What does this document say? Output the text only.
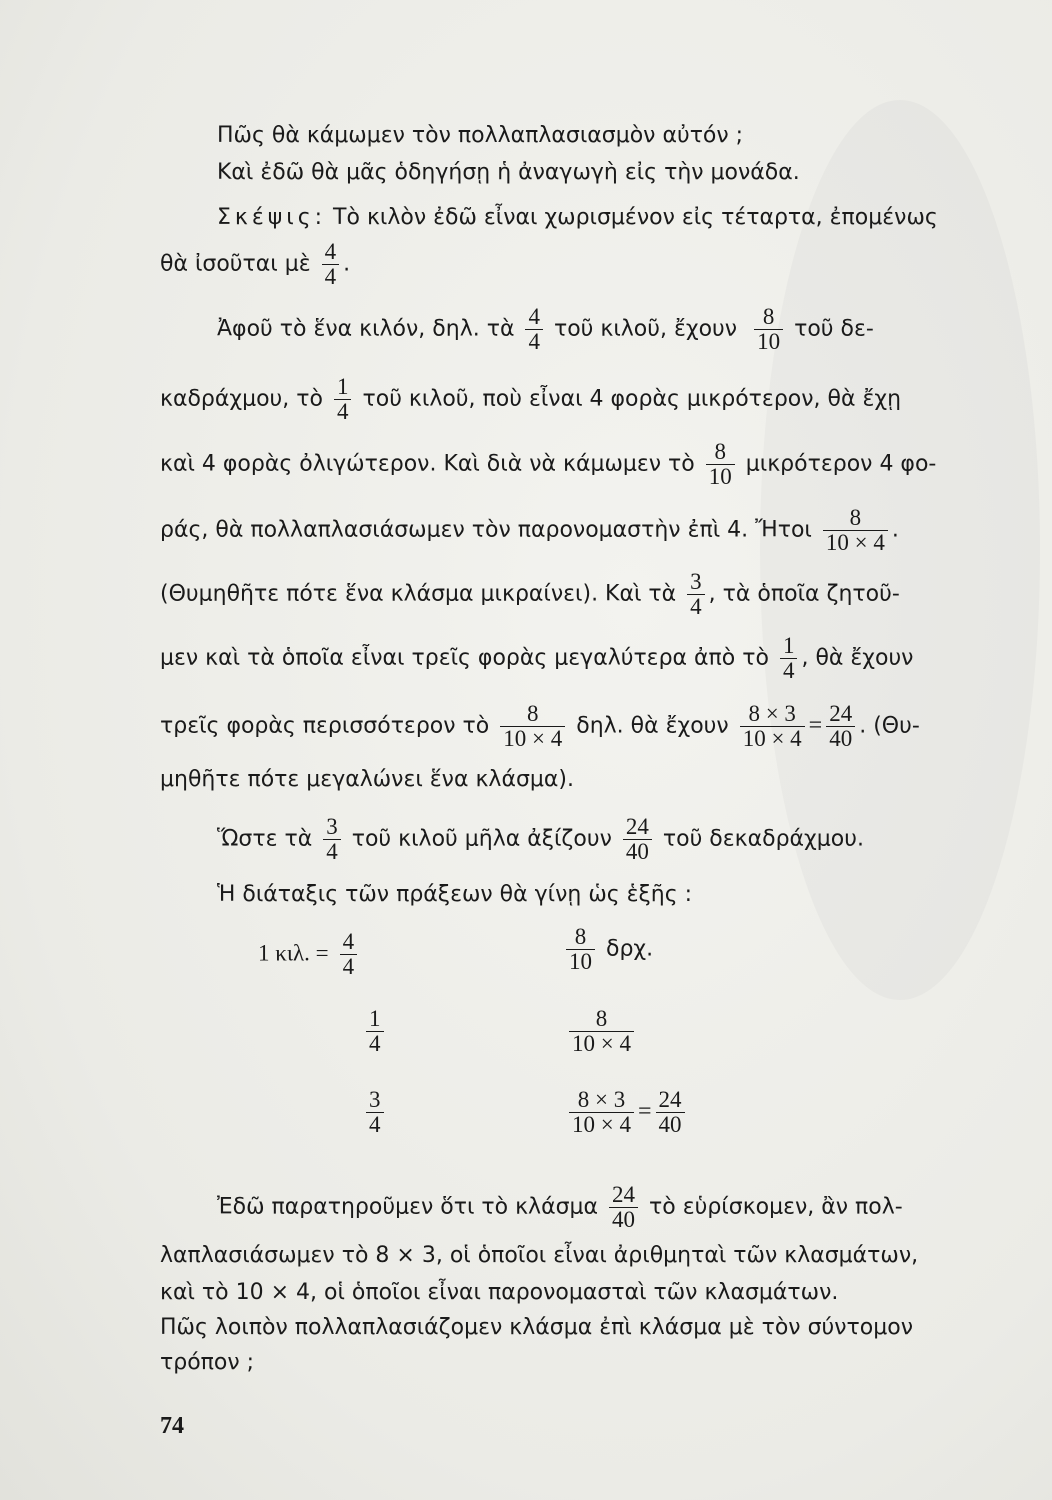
Πῶς θὰ κάμωμεν τὸν πολλαπλασιασμὸν αὐτόν ;
Καὶ ἐδῶ θὰ μᾶς ὁδηγήσῃ ἡ ἀναγωγὴ εἰς τὴν μονάδα.
Σκέψις: Τὸ κιλὸν ἐδῶ εἶναι χωρισμένον εἰς τέταρτα, ἐπομένως
θὰ ἰσοῦται μὲ $\frac{4}{4}$ .
Ἀφοῦ τὸ ἕνα κιλόν, δηλ. τὰ $\frac{4}{4}$ τοῦ κιλοῦ, ἔχουν $\frac{8}{10}$ τοῦ δε-
καδράχμου, τὸ $\frac{1}{4}$ τοῦ κιλοῦ, ποὺ εἶναι 4 φορὰς μικρότερον, θὰ ἔχῃ
καὶ 4 φορὰς ὀλιγώτερον. Καὶ διὰ νὰ κάμωμεν τὸ $\frac{8}{10}$ μικρότερον 4 φο-
ράς, θὰ πολλαπλασιάσωμεν τὸν παρονομαστὴν ἐπὶ 4. Ἤτοι $\frac{8}{10 \times 4}$ .
(Θυμηθῆτε πότε ἕνα κλάσμα μικραίνει). Καὶ τὰ $\frac{3}{4}$ , τὰ ὁποῖα ζητοῦ-
μεν καὶ τὰ ὁποῖα εἶναι τρεῖς φορὰς μεγαλύτερα ἀπὸ τὸ $\frac{1}{4}$ , θὰ ἔχουν
τρεῖς φορὰς περισσότερον τὸ $\frac{8}{10 \times 4} \delta\eta\lambda$. θὰ ἔχουν $\frac{8 \times 3}{10 \times 4} = \frac{24}{40}$ . (Θυ-
μηθῆτε πότε μεγαλώνει ἕνα κλάσμα).
Ὥστε τὰ $\frac{3}{4}$ τοῦ κιλοῦ μῆλα ἀξίζουν $\frac{24}{40}$ τοῦ δεκαδράχμου.
Ἡ διάταξις τῶν πράξεων θὰ γίνῃ ὡς ἑξῆς :
1 κιλ. = $\frac{4}{4}$	$\frac{8}{10} \delta\rho\chi$.
$\frac{1}{4}$	$\frac{8}{10 \times 4}$
$\frac{3}{4}$	$\frac{8 \times 3}{10 \times 4} = \frac{24}{40}$
Ἐδῶ παρατηροῦμεν ὅτι τὸ κλάσμα $\frac{24}{40}$ τὸ εὑρίσκομεν, ἂν πολ-
λαπλασιάσωμεν τὸ 8 × 3, οἱ ὁποῖοι εἶναι ἀριθμηταὶ τῶν κλασμάτων,
καὶ τὸ 10 × 4, οἱ ὁποῖοι εἶναι παρονομασταὶ τῶν κλασμάτων.
Πῶς λοιπὸν πολλαπλασιάζομεν κλάσμα ἐπὶ κλάσμα μὲ τὸν σύντομον
τρόπον ;
74
